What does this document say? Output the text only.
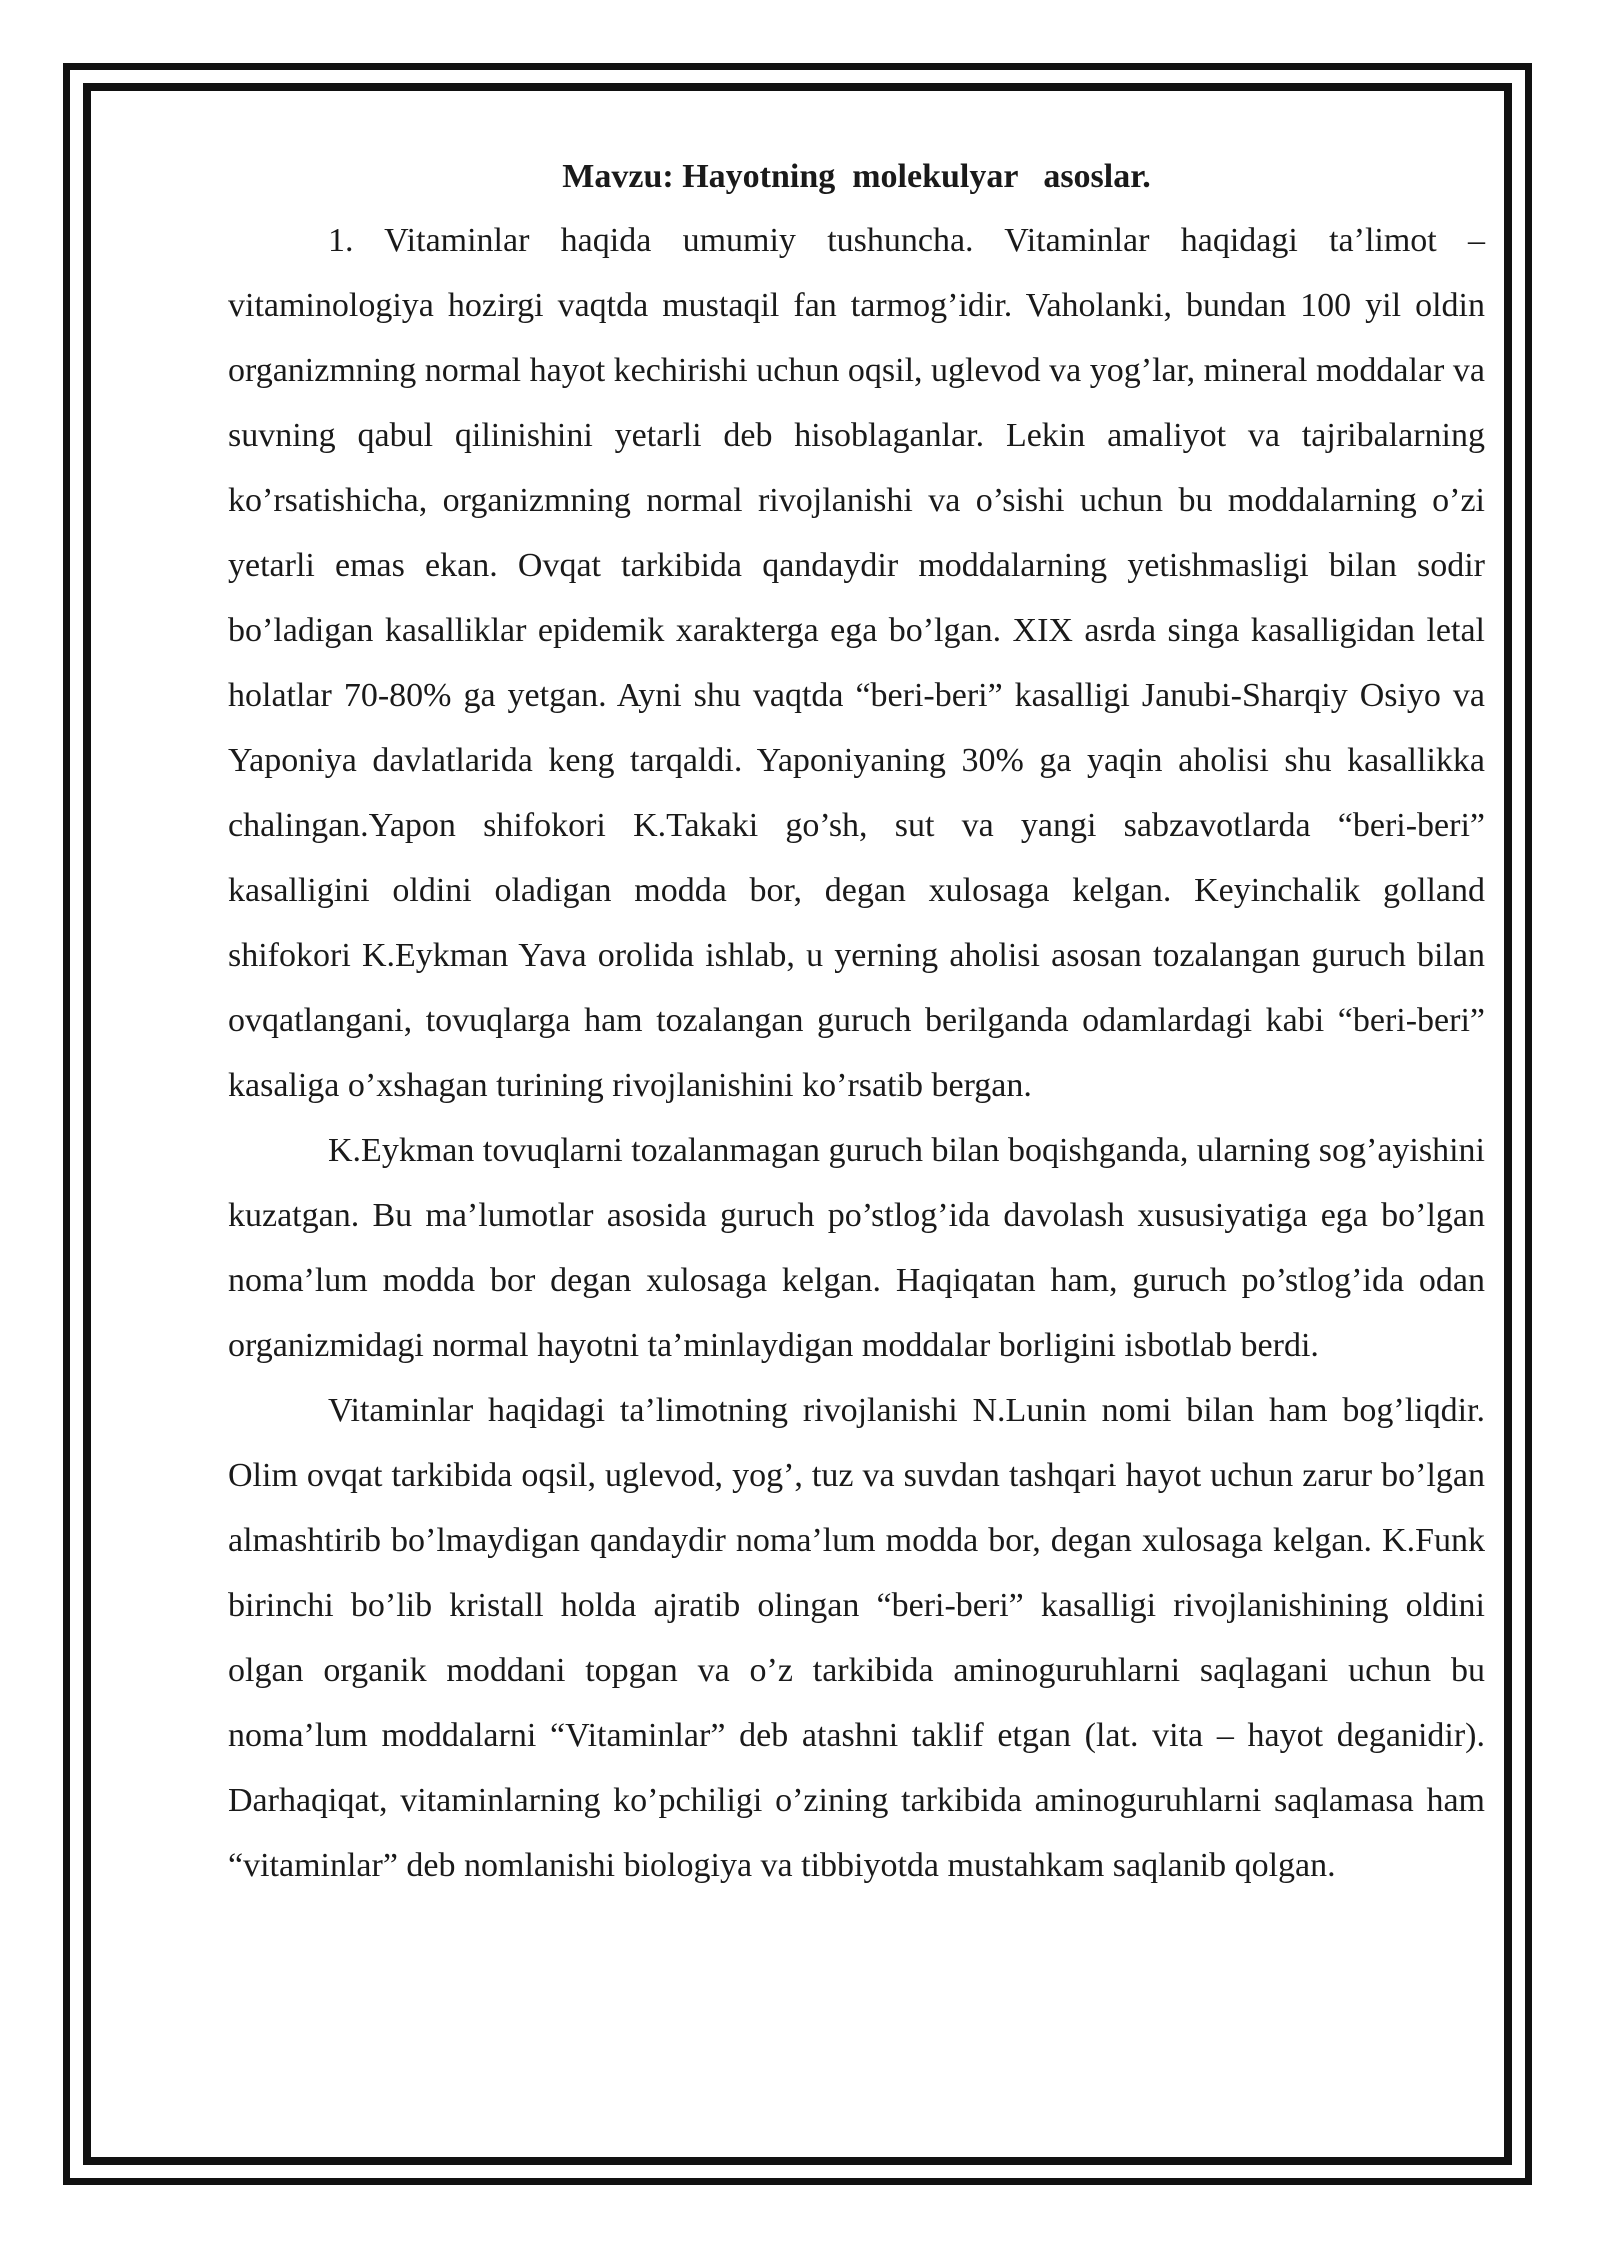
Mavzu: Hayotning  molekulyar   asoslar.

1. Vitaminlar haqida umumiy tushuncha. Vitaminlar haqidagi ta’limot – vitaminologiya hozirgi vaqtda mustaqil fan tarmog’idir. Vaholanki, bundan 100 yil oldin organizmning normal hayot kechirishi uchun oqsil, uglevod va yog’lar, mineral moddalar va suvning qabul qilinishini yetarli deb hisoblaganlar. Lekin amaliyot va tajribalarning ko’rsatishicha, organizmning normal rivojlanishi va o’sishi uchun bu moddalarning o’zi yetarli emas ekan. Ovqat tarkibida qandaydir moddalarning yetishmasligi bilan sodir bo’ladigan kasalliklar epidemik xarakterga ega bo’lgan. XIX asrda singa kasalligidan letal holatlar 70-80% ga yetgan. Ayni shu vaqtda “beri-beri” kasalligi Janubi-Sharqiy Osiyo va Yaponiya davlatlarida keng tarqaldi. Yaponiyaning 30% ga yaqin aholisi shu kasallikka chalingan.Yapon shifokori K.Takaki go’sh, sut va yangi sabzavotlarda “beri-beri” kasalligini oldini oladigan modda bor, degan xulosaga kelgan. Keyinchalik golland shifokori K.Eykman Yava orolida ishlab, u yerning aholisi asosan tozalangan guruch bilan ovqatlangani, tovuqlarga ham tozalangan guruch berilganda odamlardagi kabi “beri-beri” kasaliga o’xshagan turining rivojlanishini ko’rsatib bergan.

K.Eykman tovuqlarni tozalanmagan guruch bilan boqishganda, ularning sog’ayishini kuzatgan. Bu ma’lumotlar asosida guruch po’stlog’ida davolash xususiyatiga ega bo’lgan noma’lum modda bor degan xulosaga kelgan. Haqiqatan ham, guruch po’stlog’ida odan organizmidagi normal hayotni ta’minlaydigan moddalar borligini isbotlab berdi.

Vitaminlar haqidagi ta’limotning rivojlanishi N.Lunin nomi bilan ham bog’liqdir. Olim ovqat tarkibida oqsil, uglevod, yog’, tuz va suvdan tashqari hayot uchun zarur bo’lgan almashtirib bo’lmaydigan qandaydir noma’lum modda bor, degan xulosaga kelgan. K.Funk birinchi bo’lib kristall holda ajratib olingan “beri-beri” kasalligi rivojlanishining oldini olgan organik moddani topgan va o’z tarkibida aminoguruhlarni saqlagani uchun bu noma’lum moddalarni “Vitaminlar” deb atashni taklif etgan (lat. vita – hayot deganidir). Darhaqiqat, vitaminlarning ko’pchiligi o’zining tarkibida aminoguruhlarni saqlamasa ham “vitaminlar” deb nomlanishi biologiya va tibbiyotda mustahkam saqlanib qolgan.
